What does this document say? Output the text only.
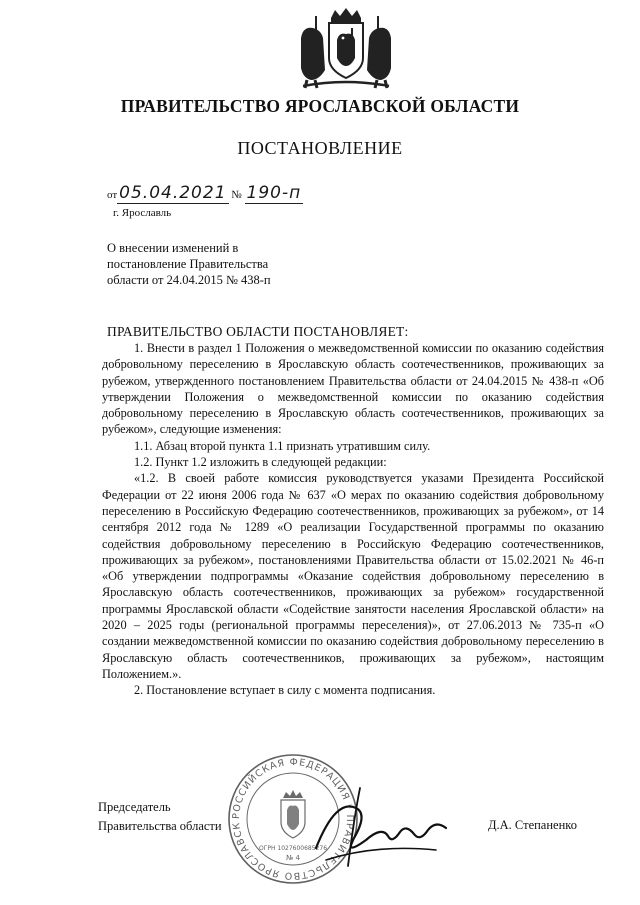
ПРАВИТЕЛЬСТВО ЯРОСЛАВСКОЙ ОБЛАСТИ
ПОСТАНОВЛЕНИЕ
от 05.04.2021 № 190-п
г. Ярославль
О внесении изменений в
постановление Правительства
области от 24.04.2015 № 438-п
ПРАВИТЕЛЬСТВО ОБЛАСТИ ПОСТАНОВЛЯЕТ:

1. Внести в раздел 1 Положения о межведомственной комиссии по оказанию содействия добровольному переселению в Ярославскую область соотечественников, проживающих за рубежом, утвержденного постановлением Правительства области от 24.04.2015 № 438-п «Об утверждении Положения о межведомственной комиссии по оказанию содействия добровольному переселению в Ярославскую область соотечественников, проживающих за рубежом», следующие изменения:

1.1. Абзац второй пункта 1.1 признать утратившим силу.

1.2. Пункт 1.2 изложить в следующей редакции:

«1.2. В своей работе комиссия руководствуется указами Президента Российской Федерации от 22 июня 2006 года № 637 «О мерах по оказанию содействия добровольному переселению в Российскую Федерацию соотечественников, проживающих за рубежом», от 14 сентября 2012 года № 1289 «О реализации Государственной программы по оказанию содействия добровольному переселению в Российскую Федерацию соотечественников, проживающих за рубежом», постановлениями Правительства области от 15.02.2021 № 46-п «Об утверждении подпрограммы «Оказание содействия добровольному переселению в Ярославскую область соотечественников, проживающих за рубежом» государственной программы Ярославской области «Содействие занятости населения Ярославской области» на 2020 – 2025 годы (региональной программы переселения)», от 27.06.2013 № 735-п «О создании межведомственной комиссии по оказанию содействия добровольному переселению в Ярославскую область соотечественников, проживающих за рубежом», настоящим Положением.».

2. Постановление вступает в силу с момента подписания.

РОССИЙСКАЯ ФЕДЕРАЦИЯ * ПРАВИТЕЛЬСТВО ЯРОСЛАВСК
ОГРН 1027600685276
№ 4
Председатель
Правительства области	Д.А. Степаненко
